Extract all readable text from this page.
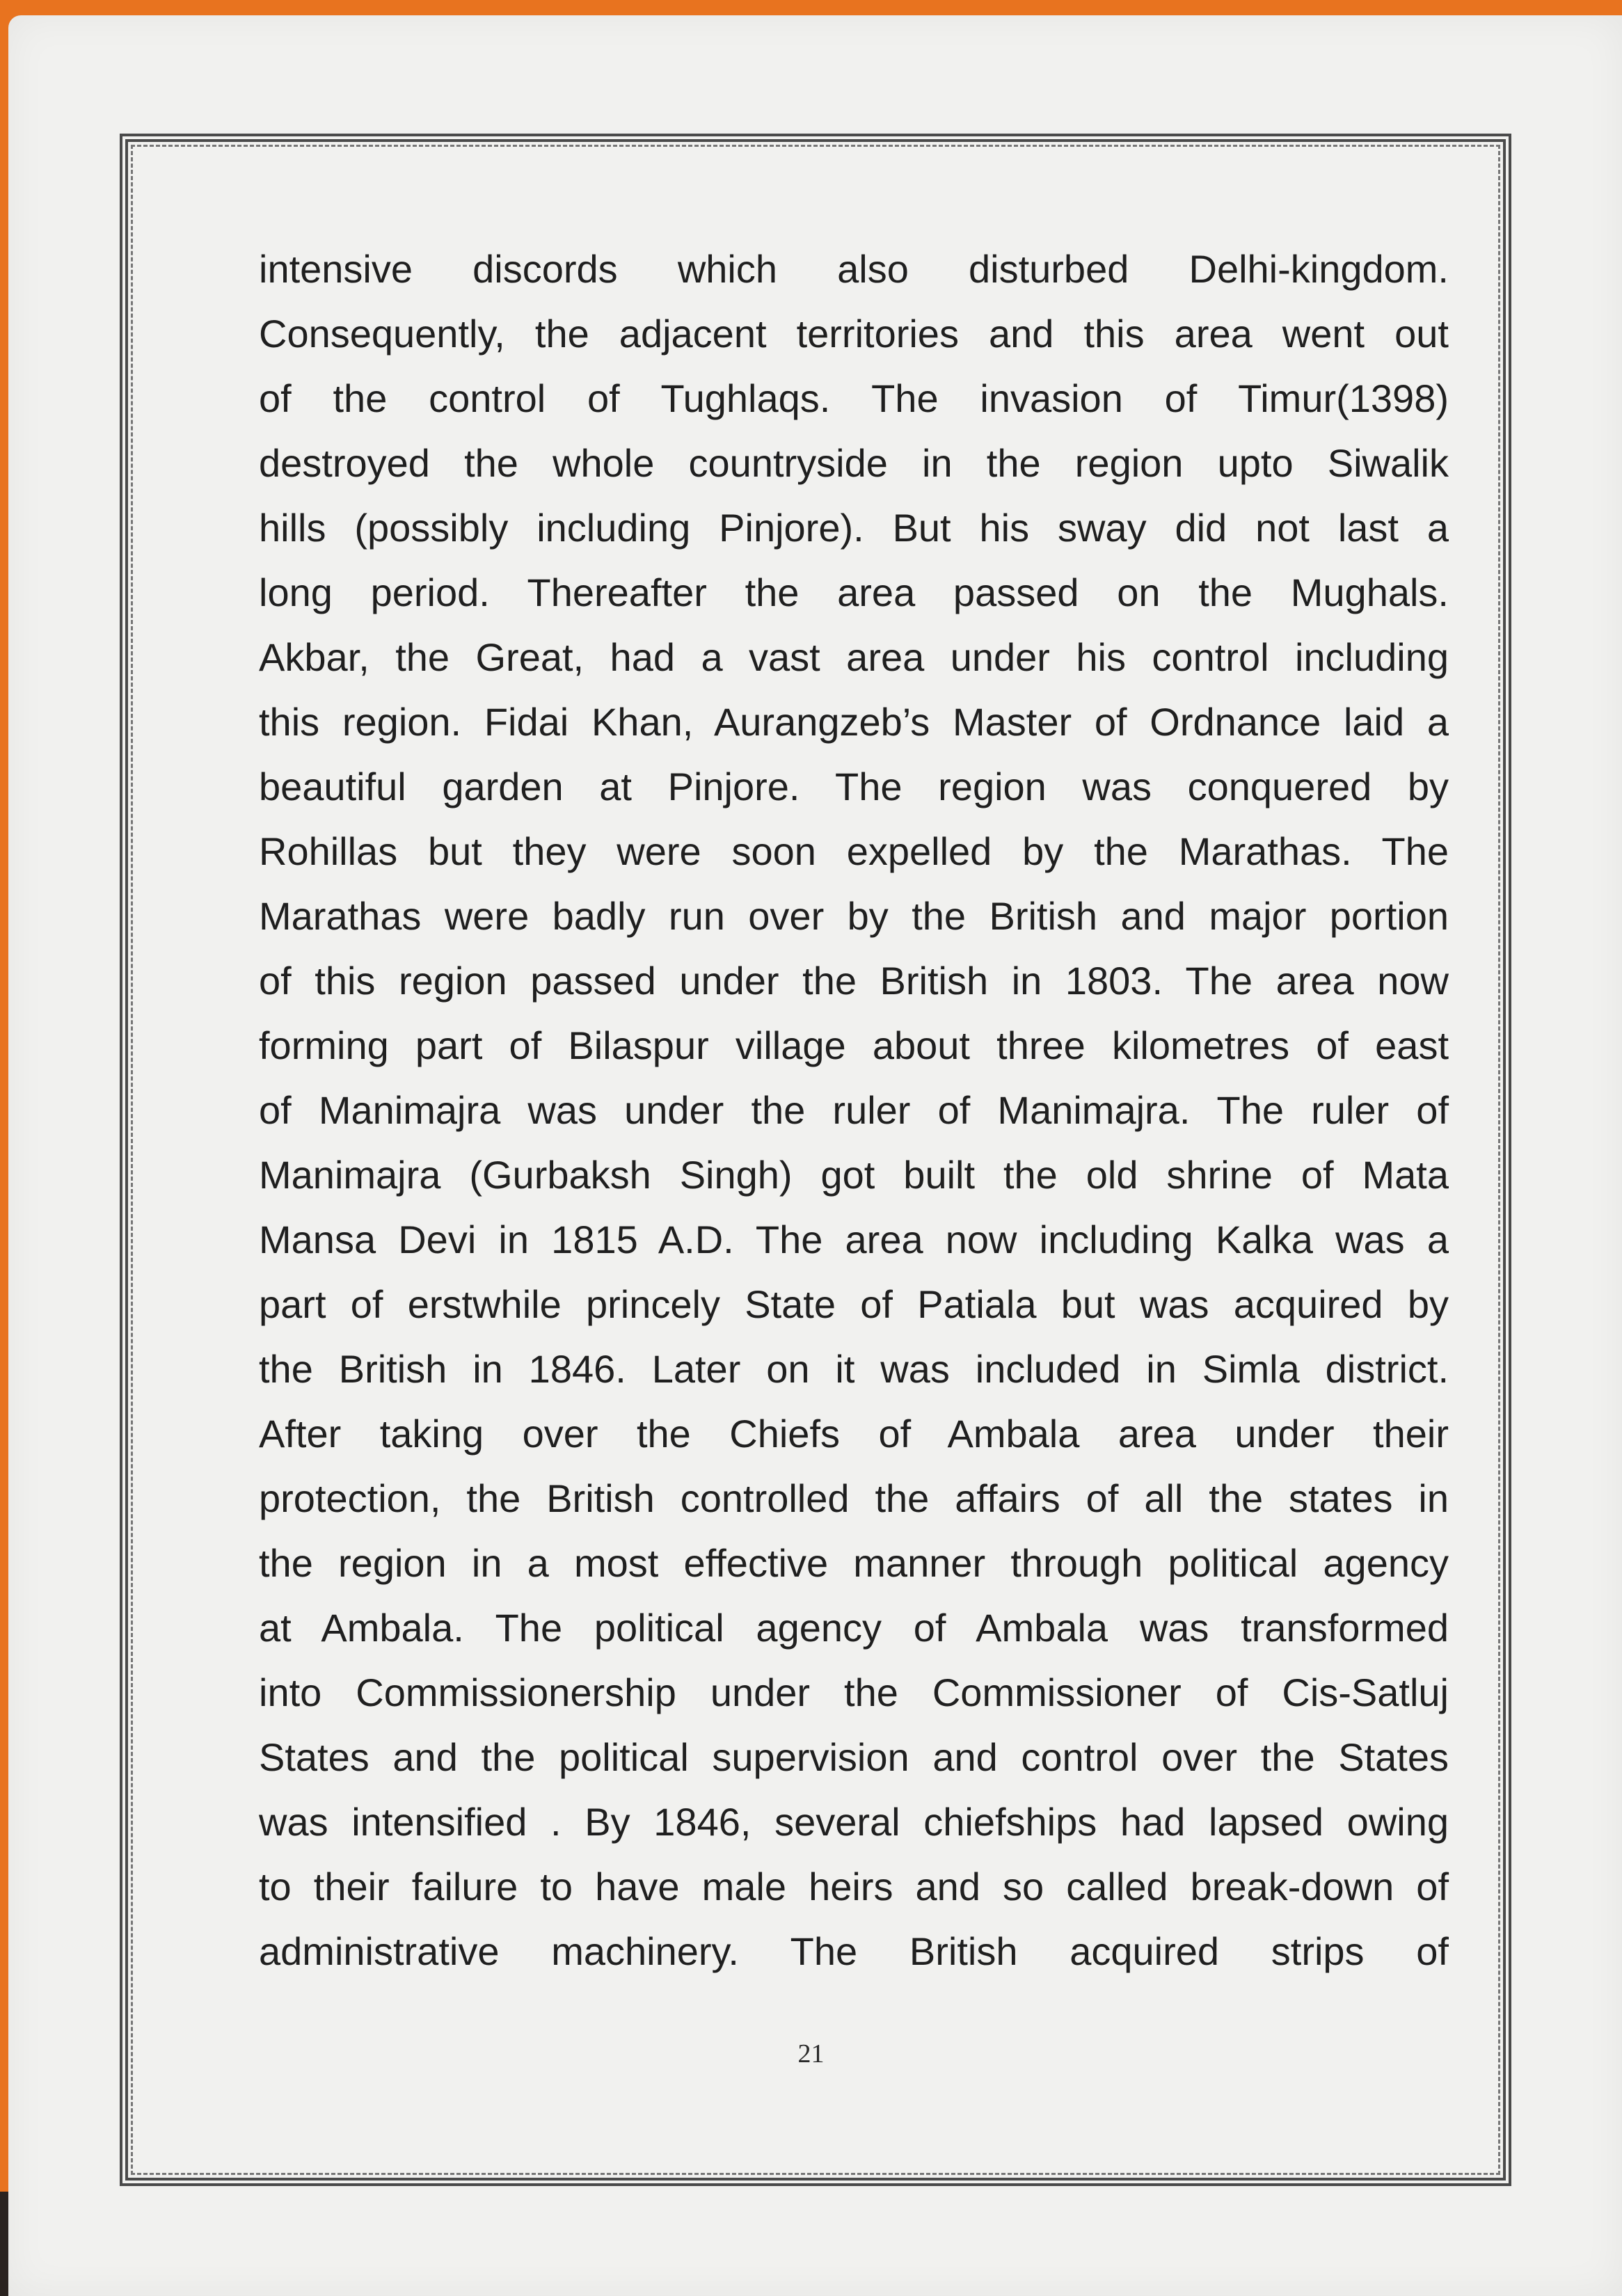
intensive discords which also disturbed Delhi-kingdom.
Consequently, the adjacent territories and this area went out
of the control of Tughlaqs. The invasion of Timur(1398)
destroyed the whole countryside in the region upto Siwalik
hills (possibly including Pinjore). But his sway did not last a
long period. Thereafter the area passed on the Mughals.
Akbar, the Great, had a vast area under his control including
this region. Fidai Khan, Aurangzeb’s Master of Ordnance laid a
beautiful garden at Pinjore. The region was conquered by
Rohillas but they were soon expelled by the Marathas. The
Marathas were badly run over by the British and major portion
of this region passed under the British in 1803. The area now
forming part of Bilaspur village about three kilometres of east
of Manimajra was under the ruler of Manimajra. The ruler of
Manimajra (Gurbaksh Singh) got built the old shrine of Mata
Mansa Devi in 1815 A.D. The area now including Kalka was a
part of erstwhile princely State of Patiala but was acquired by
the British in 1846. Later on it was included in Simla district.
After taking over the Chiefs of Ambala area under their
protection, the British controlled the affairs of all the states in
the region in a most effective manner through political agency
at Ambala. The political agency of Ambala was transformed
into Commissionership under the Commissioner of Cis-Satluj
States and the political supervision and control over the States
was intensified . By 1846, several chiefships had lapsed owing
to their failure to have male heirs and so called break-down of
administrative machinery. The British acquired strips of
21
